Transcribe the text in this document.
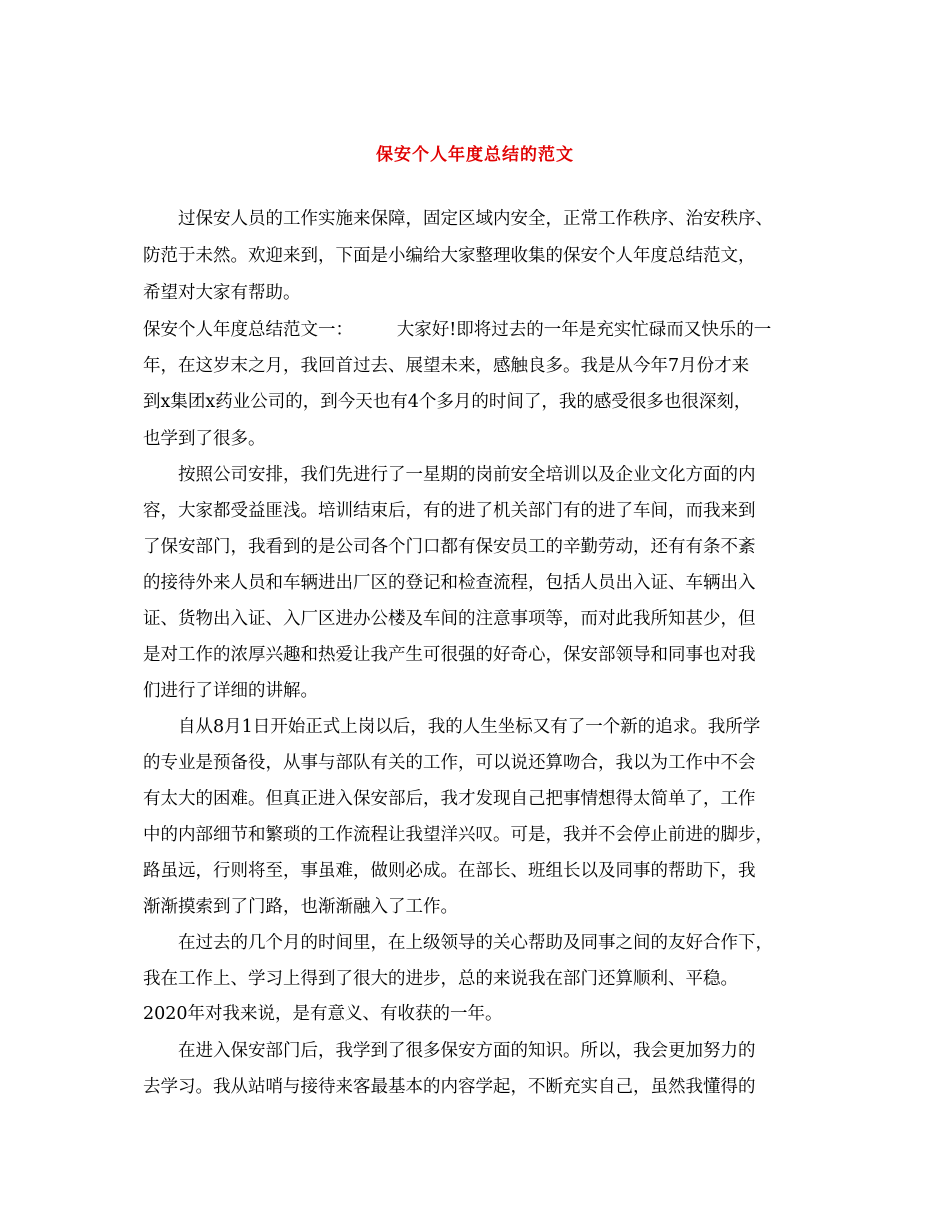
保安个人年度总结的范文
过保安人员的工作实施来保障，固定区域内安全，正常工作秩序、治安秩序、
防范于未然。欢迎来到，下面是小编给大家整理收集的保安个人年度总结范文，
希望对大家有帮助。
保安个人年度总结范文一：　　　大家好!即将过去的一年是充实忙碌而又快乐的一
年，在这岁末之月，我回首过去、展望未来，感触良多。我是从今年7月份才来
到x集团x药业公司的，到今天也有4个多月的时间了，我的感受很多也很深刻，
也学到了很多。
按照公司安排，我们先进行了一星期的岗前安全培训以及企业文化方面的内
容，大家都受益匪浅。培训结束后，有的进了机关部门有的进了车间，而我来到
了保安部门，我看到的是公司各个门口都有保安员工的辛勤劳动，还有有条不紊
的接待外来人员和车辆进出厂区的登记和检查流程，包括人员出入证、车辆出入
证、货物出入证、入厂区进办公楼及车间的注意事项等，而对此我所知甚少，但
是对工作的浓厚兴趣和热爱让我产生可很强的好奇心，保安部领导和同事也对我
们进行了详细的讲解。
自从8月1日开始正式上岗以后，我的人生坐标又有了一个新的追求。我所学
的专业是预备役，从事与部队有关的工作，可以说还算吻合，我以为工作中不会
有太大的困难。但真正进入保安部后，我才发现自己把事情想得太简单了，工作
中的内部细节和繁琐的工作流程让我望洋兴叹。可是，我并不会停止前进的脚步，
路虽远，行则将至，事虽难，做则必成。在部长、班组长以及同事的帮助下，我
渐渐摸索到了门路，也渐渐融入了工作。
在过去的几个月的时间里，在上级领导的关心帮助及同事之间的友好合作下，
我在工作上、学习上得到了很大的进步，总的来说我在部门还算顺利、平稳。
2020年对我来说，是有意义、有收获的一年。
在进入保安部门后，我学到了很多保安方面的知识。所以，我会更加努力的
去学习。我从站哨与接待来客最基本的内容学起，不断充实自己，虽然我懂得的
